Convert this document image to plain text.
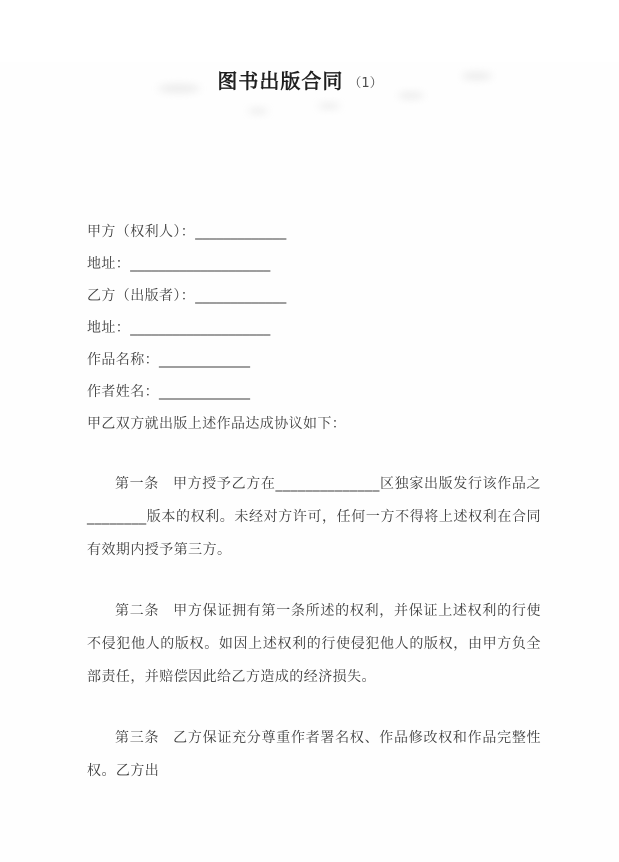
图书出版合同 （1）
甲方（权利人）：_____________
地址：____________________
乙方（出版者）：_____________
地址：____________________
作品名称：_____________
作者姓名：_____________

甲乙双方就出版上述作品达成协议如下：

第一条 甲方授予乙方在______________区独家出版发行该作品之________版本的权利。未经对方许可，任何一方不得将上述权利在合同有效期内授予第三方。

第二条 甲方保证拥有第一条所述的权利，并保证上述权利的行使不侵犯他人的版权。如因上述权利的行使侵犯他人的版权，由甲方负全部责任，并赔偿因此给乙方造成的经济损失。

第三条 乙方保证充分尊重作者署名权、作品修改权和作品完整性权。乙方出
